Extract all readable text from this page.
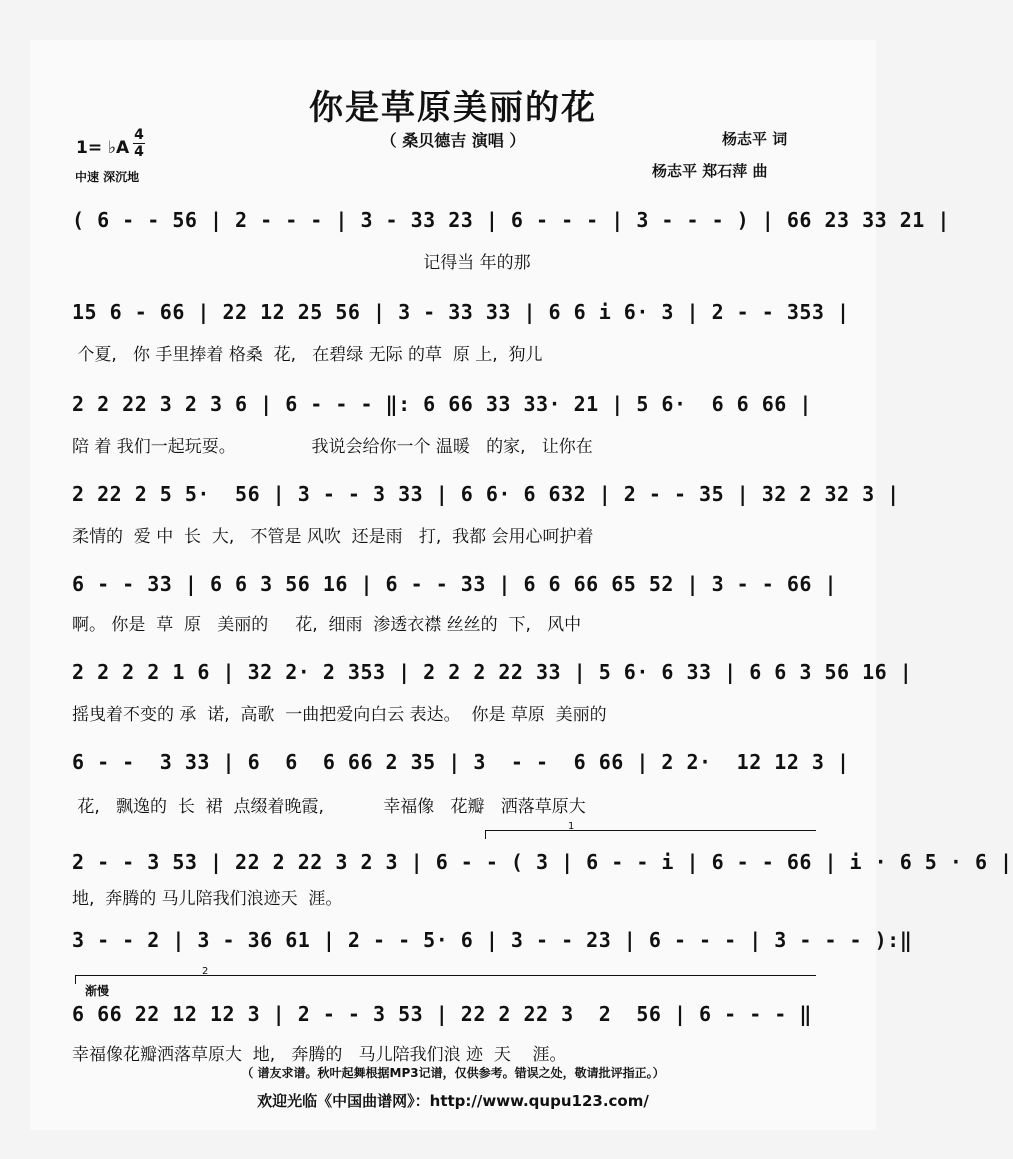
你是草原美丽的花
（ 桑贝德吉 演唱 ）
1= ♭A
4
4
中速 深沉地
杨志平 词
杨志平 郑石萍 曲
( 6 - - 56 | 2 - - - | 3 - 33 23 | 6 - - - | 3 - - - ) | 66 23 33 21 |
记得当 年的那
15 6 - 66 | 22 12 25 56 | 3 - 33 33 | 6 6 i 6· 3 | 2 - - 353 |
个夏,   你 手里捧着 格桑  花,   在碧绿 无际 的草  原 上,  狗儿
2 2 22 3 2 3 6 | 6 - - - ‖: 6 66 33 33· 21 | 5 6·  6 6 66 |
陪 着 我们一起玩耍。              我说会给你一个 温暖   的家,   让你在
2 22 2 5 5·  56 | 3 - - 3 33 | 6 6· 6 632 | 2 - - 35 | 32 2 32 3 |
柔情的  爱 中  长  大,   不管是 风吹  还是雨   打,  我都 会用心呵护着
6 - - 33 | 6 6 3 56 16 | 6 - - 33 | 6 6 66 65 52 | 3 - - 66 |
啊。 你是  草  原   美丽的     花,  细雨  渗透衣襟 丝丝的  下,   风中
2 2 2 2 1 6 | 32 2· 2 353 | 2 2 2 22 33 | 5 6· 6 33 | 6 6 3 56 16 |
摇曳着不变的 承  诺,  高歌  一曲把爱向白云 表达。  你是 草原  美丽的
6 - -  3 33 | 6  6  6 66 2 35 | 3  - -  6 66 | 2 2·  12 12 3 |
花,   飘逸的  长  裙  点缀着晚霞,           幸福像   花瓣   洒落草原大
1
2 - - 3 53 | 22 2 22 3 2 3 | 6 - - ( 3 | 6 - - i | 6 - - 66 | i · 6 5 · 6 |
地,  奔腾的 马儿陪我们浪迹天  涯。
3 - - 2 | 3 - 36 61 | 2 - - 5· 6 | 3 - - 23 | 6 - - - | 3 - - - ):‖
2
渐慢
6 66 22 12 12 3 | 2 - - 3 53 | 22 2 22 3  2  56 | 6 - - - ‖
幸福像花瓣洒落草原大  地,   奔腾的   马儿陪我们浪 迹  天    涯。
（ 谱友求谱。秋叶起舞根据MP3记谱，仅供参考。错误之处，敬请批评指正。）
欢迎光临《中国曲谱网》：http://www.qupu123.com/
